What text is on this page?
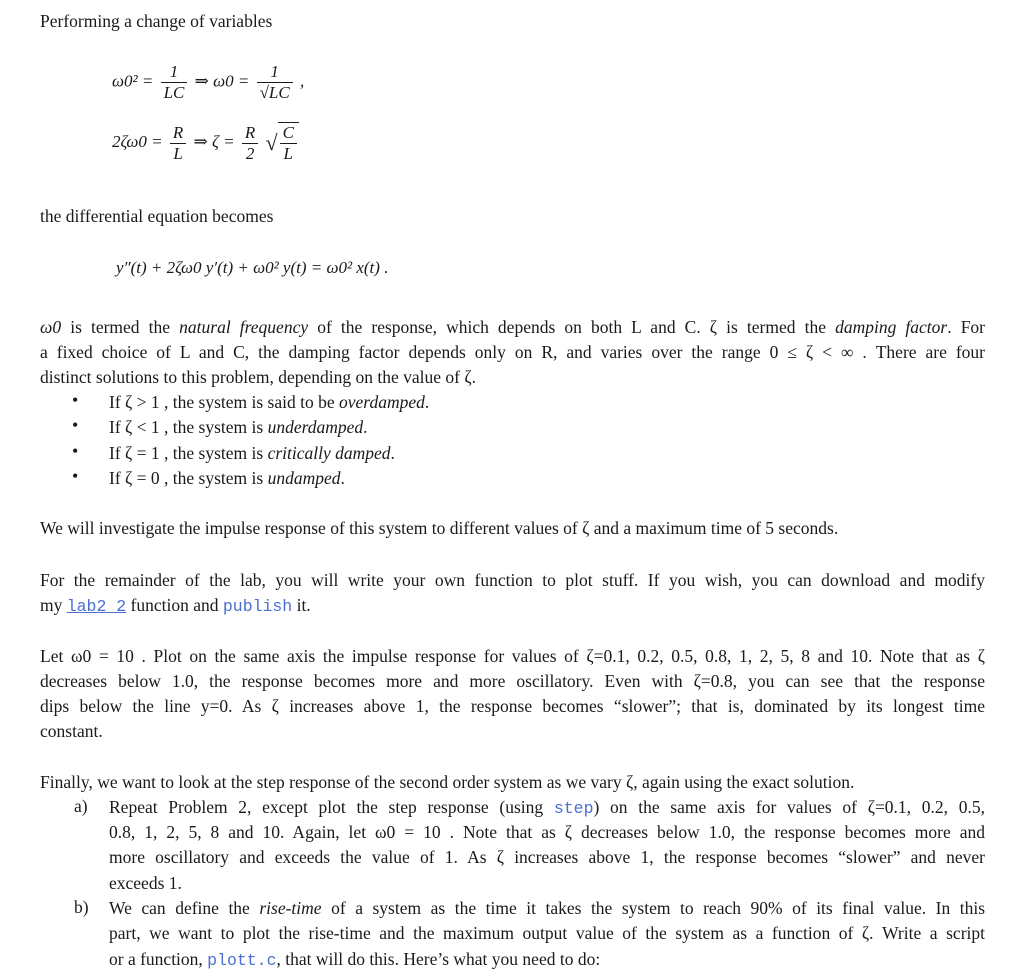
Performing a change of variables
$\omega 0^2 = \frac{1}{LC}$ ⇒ $\omega 0 = \frac{1}{√LC}$ ,
$2\zeta\omega 0 = \frac{R}{L}$ ⇒ $\zeta = \frac{R}{2}$ √ $\frac{C}{L}$
the differential equation becomes
y″(t) + 2ζω0 y′(t) + ω0² y(t) = ω0² x(t) .
ω0 is termed the natural frequency of the response, which depends on both L and C. ζ is termed the damping factor. For
a fixed choice of L and C, the damping factor depends only on R, and varies over the range 0 ≤ ζ < ∞ . There are four
distinct solutions to this problem, depending on the value of ζ.
• If ζ > 1 , the system is said to be overdamped.
• If ζ < 1 , the system is underdamped.
• If ζ = 1 , the system is critically damped.
• If ζ = 0 , the system is undamped.
We will investigate the impulse response of this system to different values of ζ and a maximum time of 5 seconds.
For the remainder of the lab, you will write your own function to plot stuff. If you wish, you can download and modify
my lab2_2 function and publish it.
Let ω0 = 10 . Plot on the same axis the impulse response for values of ζ=0.1, 0.2, 0.5, 0.8, 1, 2, 5, 8 and 10. Note that as ζ
decreases below 1.0, the response becomes more and more oscillatory. Even with ζ=0.8, you can see that the response
dips below the line y=0. As ζ increases above 1, the response becomes “slower”; that is, dominated by its longest time
constant.
Finally, we want to look at the step response of the second order system as we vary ζ, again using the exact solution.
a) Repeat Problem 2, except plot the step response (using step) on the same axis for values of ζ=0.1, 0.2, 0.5,
0.8, 1, 2, 5, 8 and 10. Again, let ω0 = 10 . Note that as ζ decreases below 1.0, the response becomes more and
more oscillatory and exceeds the value of 1. As ζ increases above 1, the response becomes “slower” and never
exceeds 1.
b) We can define the rise-time of a system as the time it takes the system to reach 90% of its final value. In this
part, we want to plot the rise-time and the maximum output value of the system as a function of ζ. Write a script
or a function, plott.c, that will do this. Here’s what you need to do:
